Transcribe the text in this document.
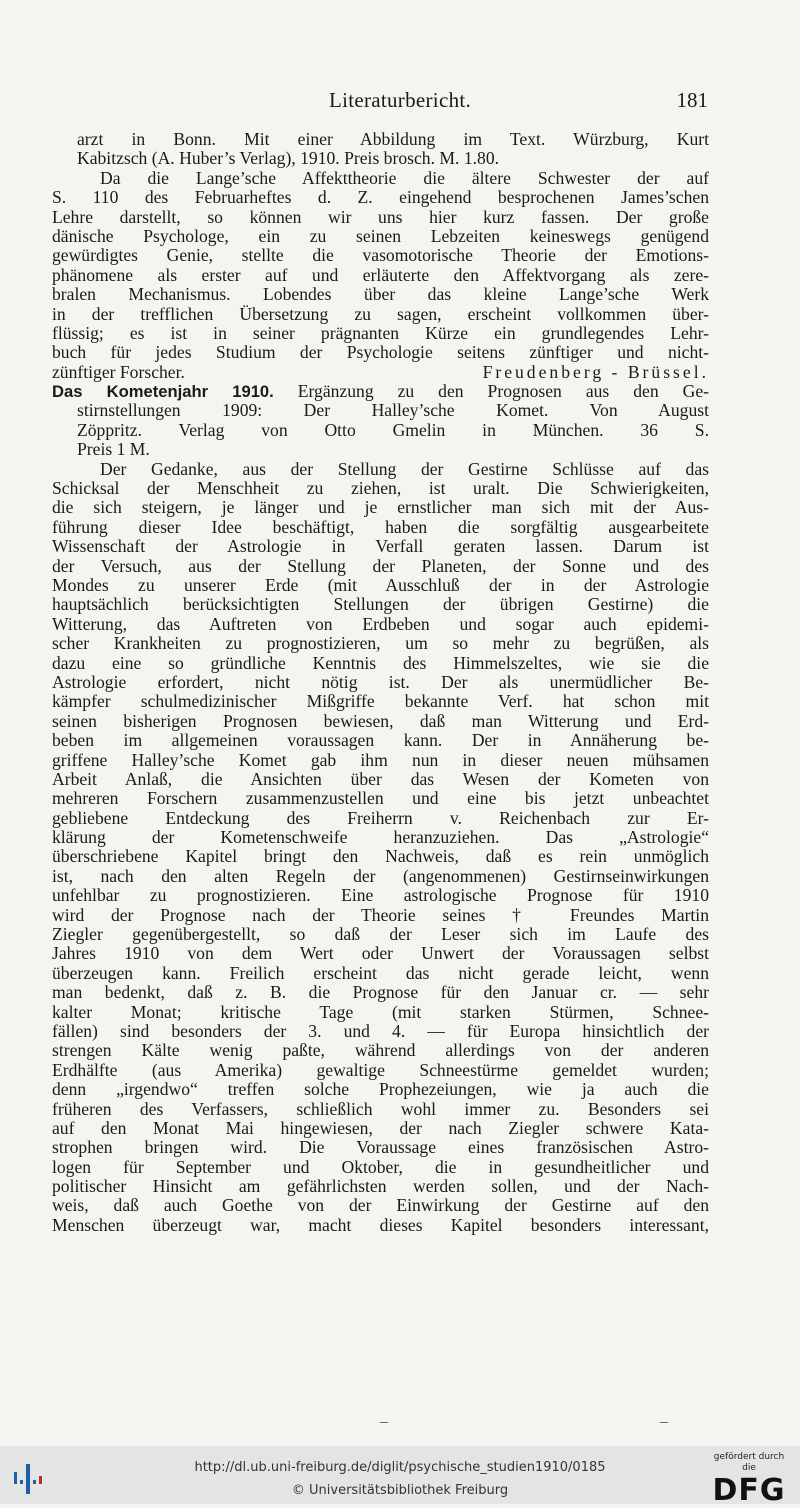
Literaturbericht.	181
arzt in Bonn. Mit einer Abbildung im Text. Würzburg, Kurt
Kabitzsch (A. Huber’s Verlag), 1910. Preis brosch. M. 1.80.
Da die Lange’sche Affekttheorie die ältere Schwester der auf
S. 110 des Februarheftes d. Z. eingehend besprochenen James’schen
Lehre darstellt, so können wir uns hier kurz fassen. Der große
dänische Psychologe, ein zu seinen Lebzeiten keineswegs genügend
gewürdigtes Genie, stellte die vasomotorische Theorie der Emotions-
phänomene als erster auf und erläuterte den Affektvorgang als zere-
bralen Mechanismus. Lobendes über das kleine Lange’sche Werk
in der trefflichen Übersetzung zu sagen, erscheint vollkommen über-
flüssig; es ist in seiner prägnanten Kürze ein grundlegendes Lehr-
buch für jedes Studium der Psychologie seitens zünftiger und nicht-
zünftiger Forscher.	Freudenberg - Brüssel.
Das Kometenjahr 1910. Ergänzung zu den Prognosen aus den Ge-
stirnstellungen 1909: Der Halley’sche Komet. Von August
Zöppritz. Verlag von Otto Gmelin in München. 36 S.
Preis 1 M.
Der Gedanke, aus der Stellung der Gestirne Schlüsse auf das
Schicksal der Menschheit zu ziehen, ist uralt. Die Schwierigkeiten,
die sich steigern, je länger und je ernstlicher man sich mit der Aus-
führung dieser Idee beschäftigt, haben die sorgfältig ausgearbeitete
Wissenschaft der Astrologie in Verfall geraten lassen. Darum ist
der Versuch, aus der Stellung der Planeten, der Sonne und des
Mondes zu unserer Erde (mit Ausschluß der in der Astrologie
hauptsächlich berücksichtigten Stellungen der übrigen Gestirne) die
Witterung, das Auftreten von Erdbeben und sogar auch epidemi-
scher Krankheiten zu prognostizieren, um so mehr zu begrüßen, als
dazu eine so gründliche Kenntnis des Himmelszeltes, wie sie die
Astrologie erfordert, nicht nötig ist. Der als unermüdlicher Be-
kämpfer schulmedizinischer Mißgriffe bekannte Verf. hat schon mit
seinen bisherigen Prognosen bewiesen, daß man Witterung und Erd-
beben im allgemeinen voraussagen kann. Der in Annäherung be-
griffene Halley’sche Komet gab ihm nun in dieser neuen mühsamen
Arbeit Anlaß, die Ansichten über das Wesen der Kometen von
mehreren Forschern zusammenzustellen und eine bis jetzt unbeachtet
gebliebene Entdeckung des Freiherrn v. Reichenbach zur Er-
klärung der Kometenschweife heranzuziehen. Das „Astrologie“
überschriebene Kapitel bringt den Nachweis, daß es rein unmöglich
ist, nach den alten Regeln der (angenommenen) Gestirnseinwirkungen
unfehlbar zu prognostizieren. Eine astrologische Prognose für 1910
wird der Prognose nach der Theorie seines † Freundes Martin
Ziegler gegenübergestellt, so daß der Leser sich im Laufe des
Jahres 1910 von dem Wert oder Unwert der Voraussagen selbst
überzeugen kann. Freilich erscheint das nicht gerade leicht, wenn
man bedenkt, daß z. B. die Prognose für den Januar cr. — sehr
kalter Monat; kritische Tage (mit starken Stürmen, Schnee-
fällen) sind besonders der 3. und 4. — für Europa hinsichtlich der
strengen Kälte wenig paßte, während allerdings von der anderen
Erdhälfte (aus Amerika) gewaltige Schneestürme gemeldet wurden;
denn „irgendwo“ treffen solche Prophezeiungen, wie ja auch die
früheren des Verfassers, schließlich wohl immer zu. Besonders sei
auf den Monat Mai hingewiesen, der nach Ziegler schwere Kata-
strophen bringen wird. Die Voraussage eines französischen Astro-
logen für September und Oktober, die in gesundheitlicher und
politischer Hinsicht am gefährlichsten werden sollen, und der Nach-
weis, daß auch Goethe von der Einwirkung der Gestirne auf den
Menschen überzeugt war, macht dieses Kapitel besonders interessant,
http://dl.ub.uni-freiburg.de/diglit/psychische_studien1910/0185
© Universitätsbibliothek Freiburg
gefördert durch die
DFG
